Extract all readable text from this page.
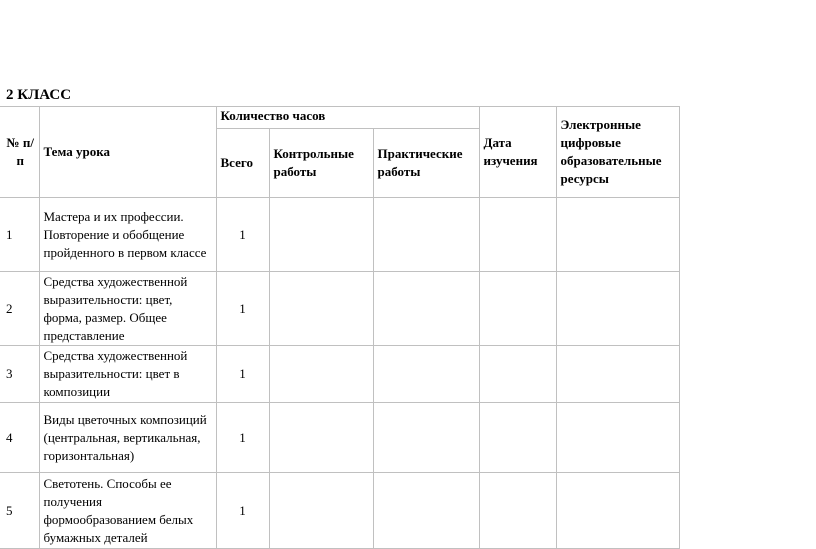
2 КЛАСС
№ п/п	Тема урока	Количество часов			Дата изучения	Электронные цифровые образовательные ресурсы
		Всего	Контрольные работы	Практические работы		
1	Мастера и их профессии. Повторение и обобщение пройденного в первом классе	1				
2	Средства художественной выразительности: цвет, форма, размер. Общее представление	1				
3	Средства художественной выразительности: цвет в композиции	1				
4	Виды цветочных композиций (центральная, вертикальная, горизонтальная)	1				
5	Светотень. Способы ее получения формообразованием белых бумажных деталей	1				
